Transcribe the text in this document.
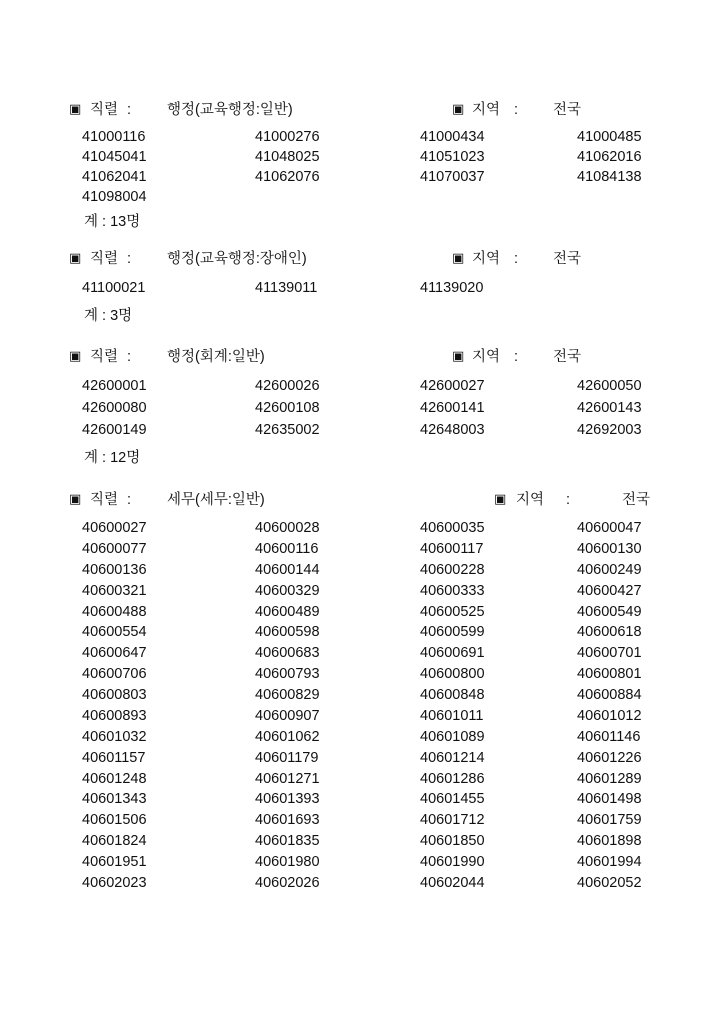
▣ 직렬 : 행정(교육행정:일반)	▣ 지역 : 전국
41000116	41000276	41000434	41000485
41045041	41048025	41051023	41062016
41062041	41062076	41070037	41084138
41098004
계 : 13명
▣ 직렬 : 행정(교육행정:장애인)	▣ 지역 : 전국
41100021	41139011	41139020
계 : 3명
▣ 직렬 : 행정(회계:일반)	▣ 지역 : 전국
42600001	42600026	42600027	42600050
42600080	42600108	42600141	42600143
42600149	42635002	42648003	42692003
계 : 12명
▣ 직렬 : 세무(세무:일반)	▣ 지역 :	전국
40600027	40600028	40600035	40600047
40600077	40600116	40600117	40600130
40600136	40600144	40600228	40600249
40600321	40600329	40600333	40600427
40600488	40600489	40600525	40600549
40600554	40600598	40600599	40600618
40600647	40600683	40600691	40600701
40600706	40600793	40600800	40600801
40600803	40600829	40600848	40600884
40600893	40600907	40601011	40601012
40601032	40601062	40601089	40601146
40601157	40601179	40601214	40601226
40601248	40601271	40601286	40601289
40601343	40601393	40601455	40601498
40601506	40601693	40601712	40601759
40601824	40601835	40601850	40601898
40601951	40601980	40601990	40601994
40602023	40602026	40602044	40602052
